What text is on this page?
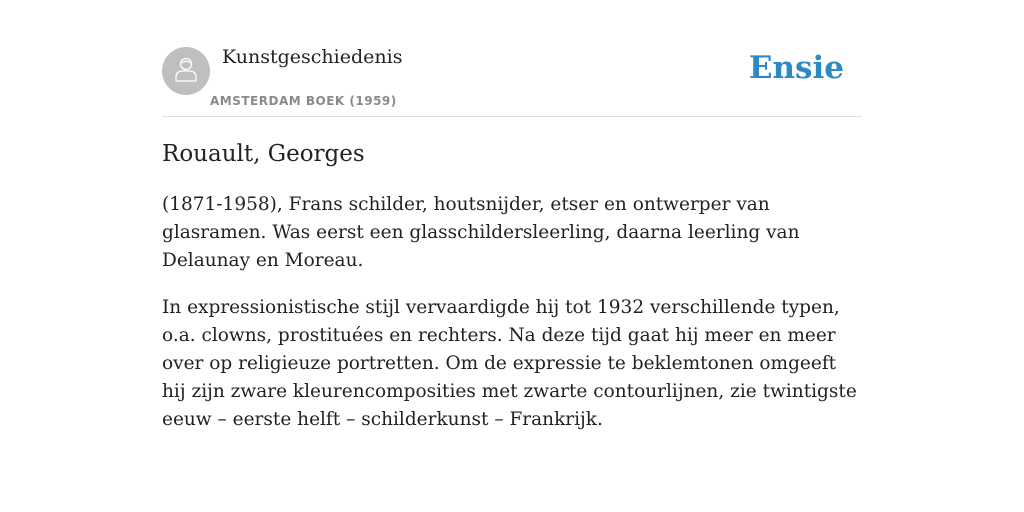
Kunstgeschiedenis
AMSTERDAM BOEK (1959)
Ensie
Rouault, Georges

(1871-1958), Frans schilder, houtsnijder, etser en ontwerper van glasramen. Was eerst een glasschildersleerling, daarna leerling van Delaunay en Moreau.

In expressionistische stijl vervaardigde hij tot 1932 verschillende typen, o.a. clowns, prostituées en rechters. Na deze tijd gaat hij meer en meer over op religieuze portretten. Om de expressie te beklemtonen omgeeft hij zijn zware kleurencomposities met zwarte contourlijnen, zie twintigste eeuw – eerste helft – schilderkunst – Frankrijk.
